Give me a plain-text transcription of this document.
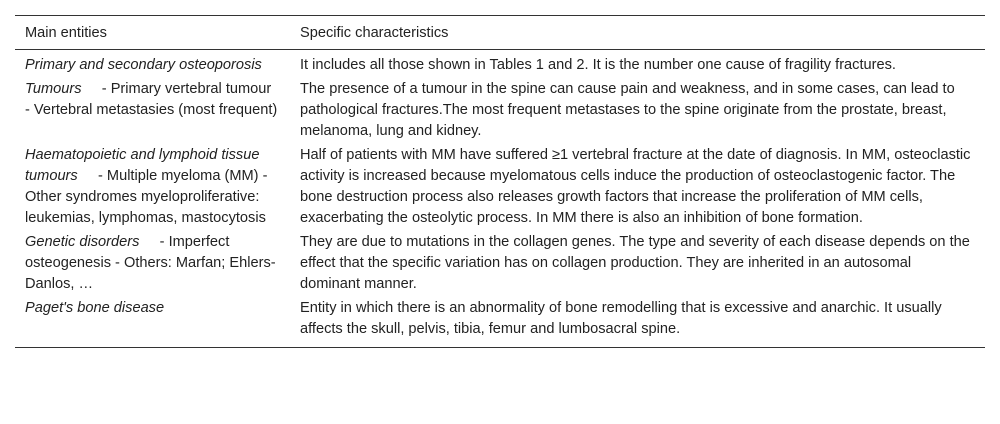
Main entities	Specific characteristics
Primary and secondary osteoporosis	It includes all those shown in Tables 1 and 2. It is the number one cause of fragility fractures.
Tumours - Primary vertebral tumour - Vertebral metastasies (most frequent)	The presence of a tumour in the spine can cause pain and weakness, and in some cases, can lead to pathological fractures.The most frequent metastases to the spine originate from the prostate, breast, melanoma, lung and kidney.
Haematopoietic and lymphoid tissue tumours - Multiple myeloma (MM) - Other syndromes myeloproliferative: leukemias, lymphomas, mastocytosis	Half of patients with MM have suffered ≥1 vertebral fracture at the date of diagnosis. In MM, osteoclastic activity is increased because myelomatous cells induce the production of osteoclastogenic factor. The bone destruction process also releases growth factors that increase the proliferation of MM cells, exacerbating the osteolytic process. In MM there is also an inhibition of bone formation.
Genetic disorders - Imperfect osteogenesis - Others: Marfan; Ehlers-Danlos, …	They are due to mutations in the collagen genes. The type and severity of each disease depends on the effect that the specific variation has on collagen production. They are inherited in an autosomal dominant manner.
Paget's bone disease	Entity in which there is an abnormality of bone remodelling that is excessive and anarchic. It usually affects the skull, pelvis, tibia, femur and lumbosacral spine.
